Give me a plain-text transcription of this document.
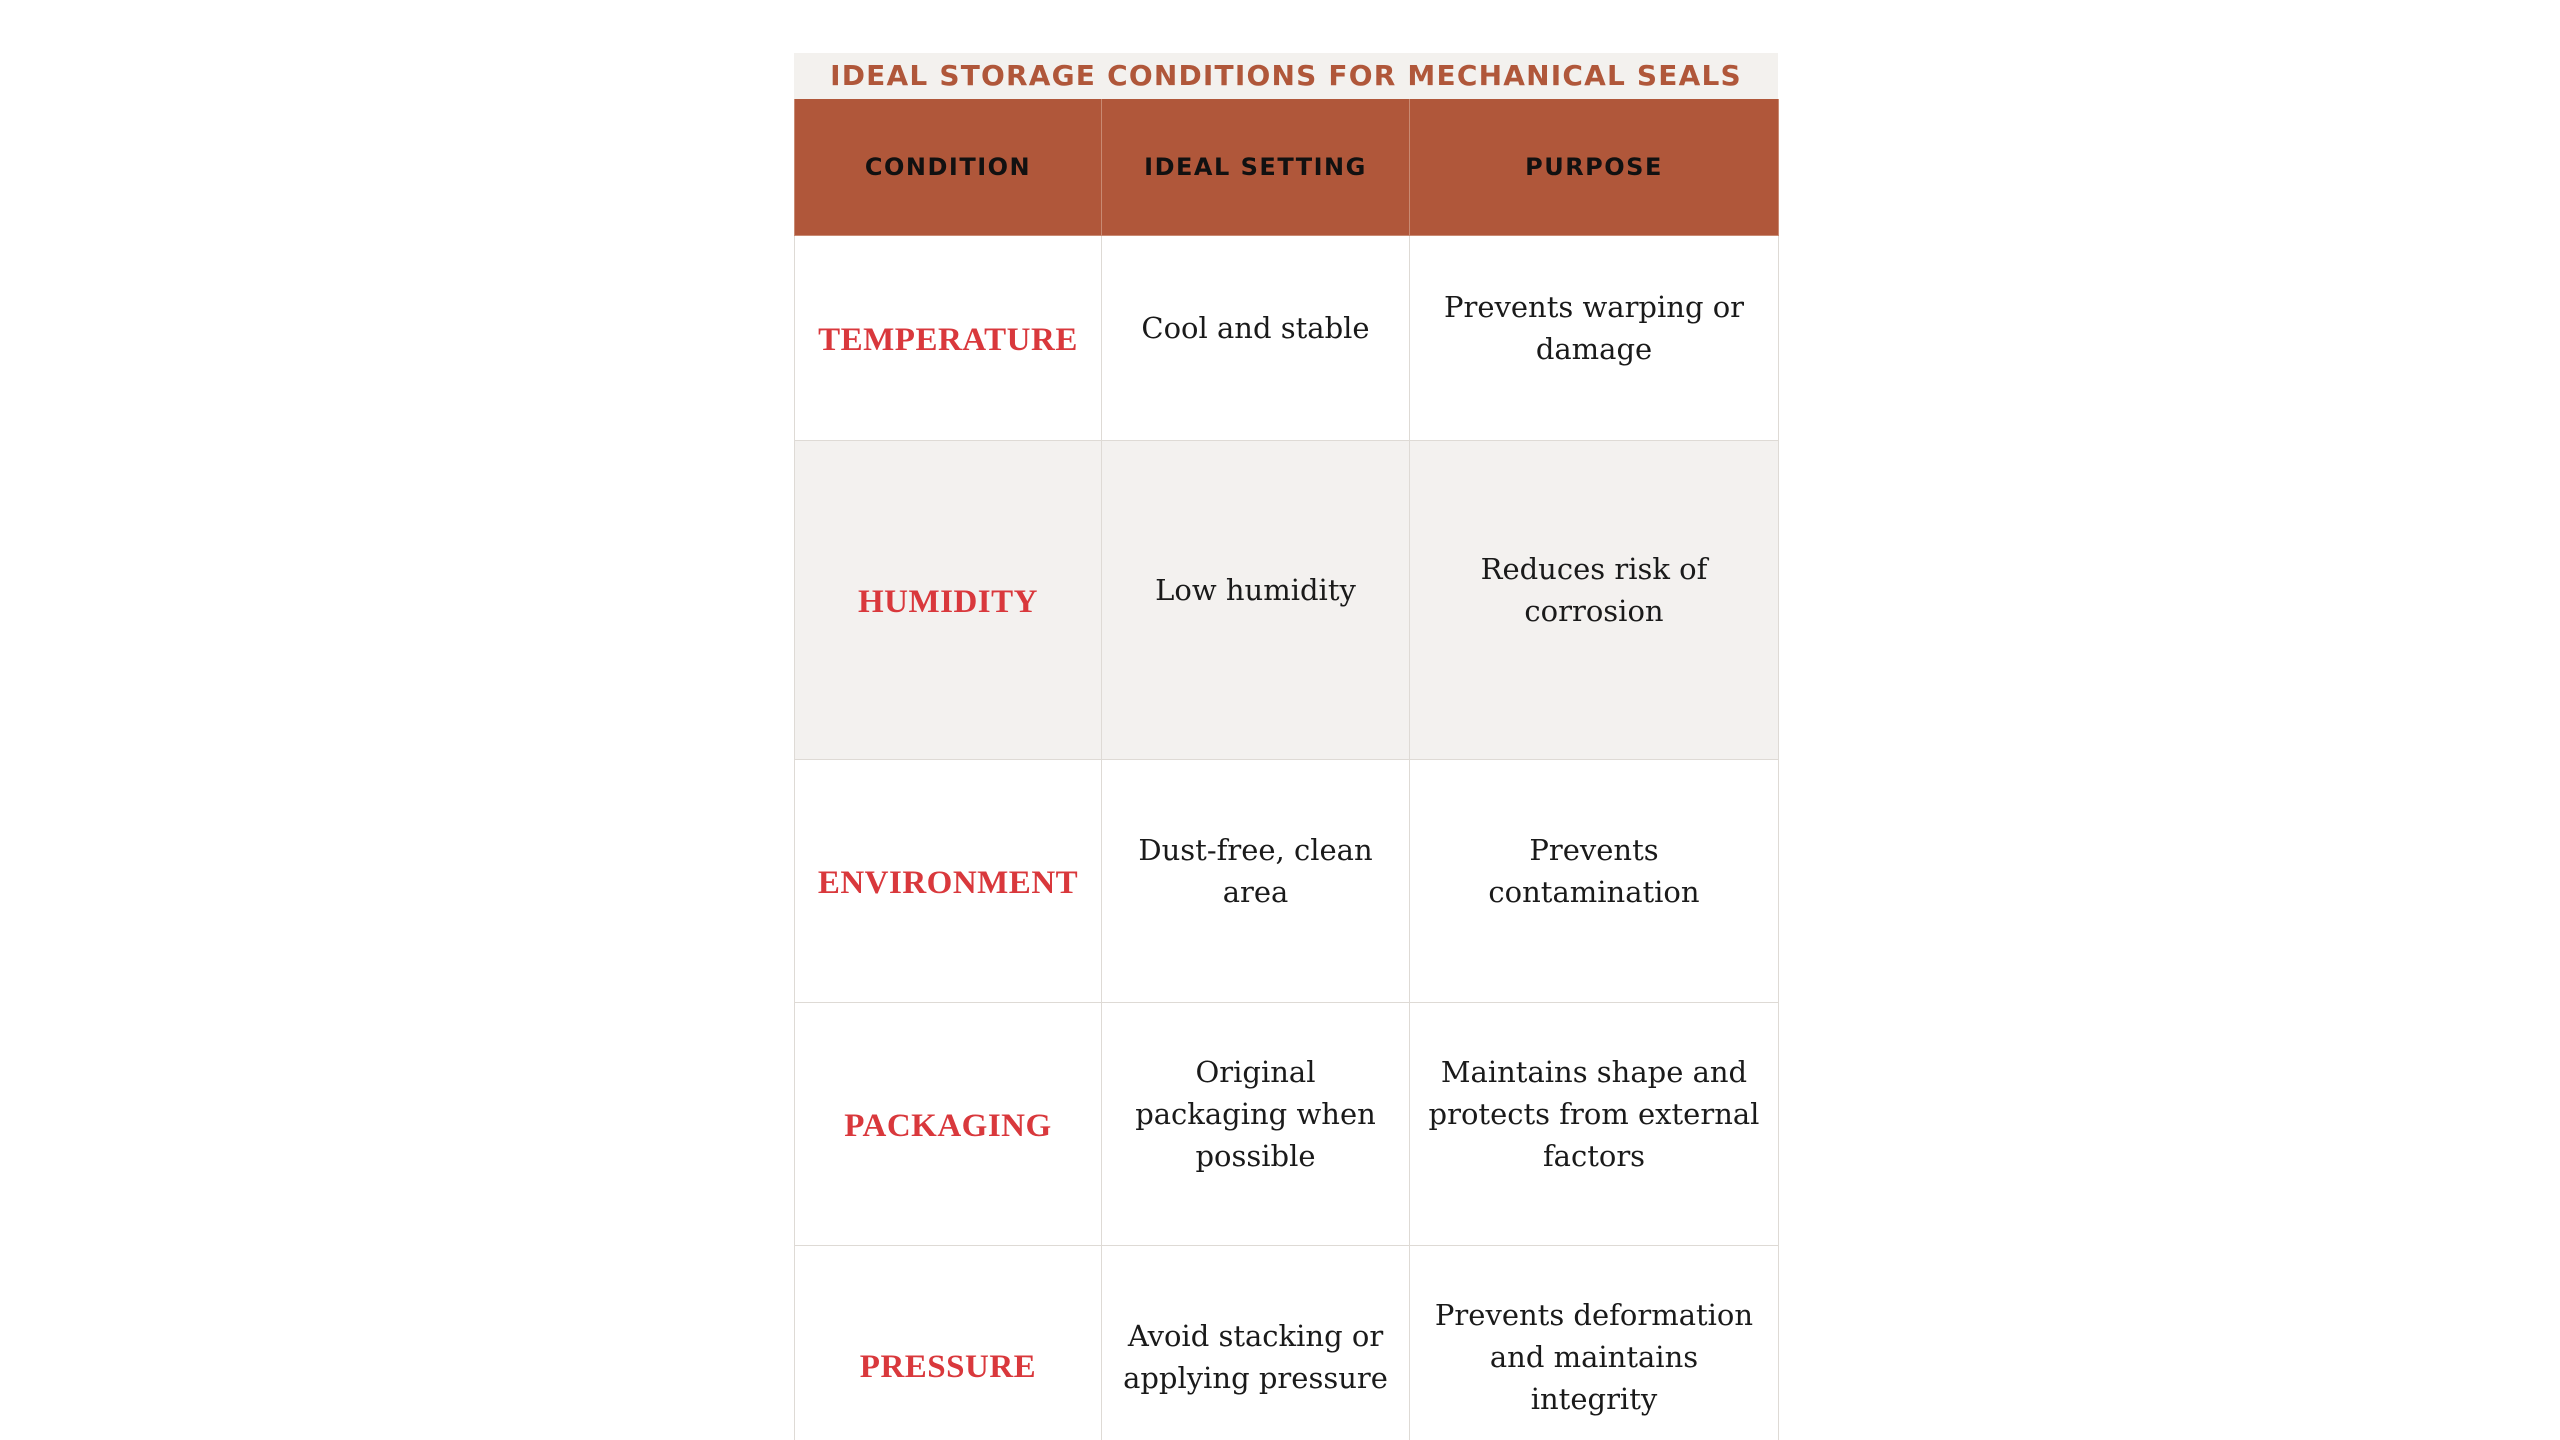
IDEAL STORAGE CONDITIONS FOR MECHANICAL SEALS
CONDITION	IDEAL SETTING	PURPOSE
TEMPERATURE	Cool and stable	Prevents warping or damage
HUMIDITY	Low humidity	Reduces risk of corrosion
ENVIRONMENT	Dust-free, clean area	Prevents contamination
PACKAGING	Original packaging when possible	Maintains shape and protects from external factors
PRESSURE	Avoid stacking or applying pressure	Prevents deformation and maintains integrity
